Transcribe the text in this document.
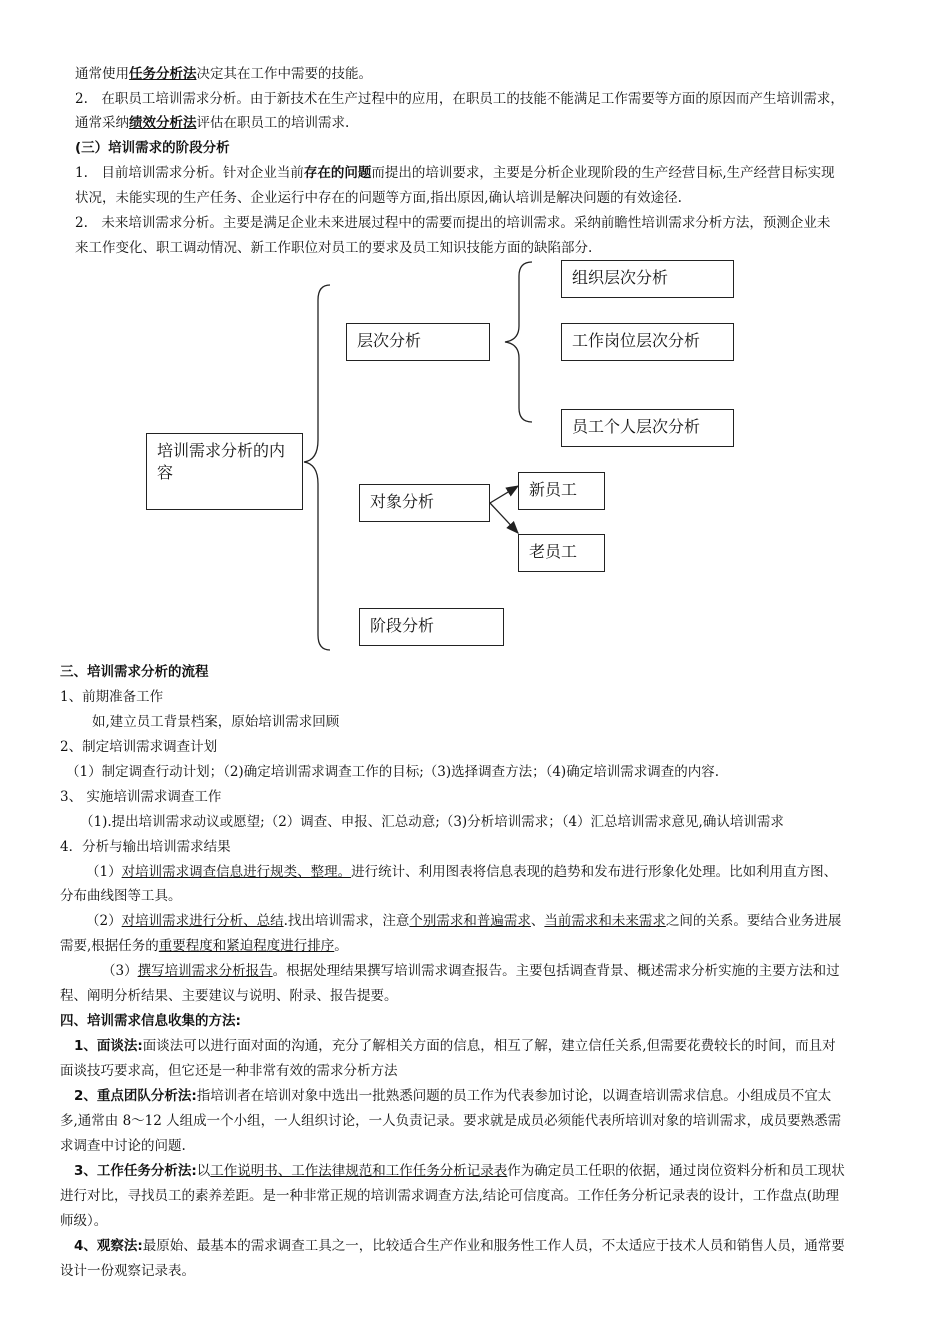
通常使用任务分析法决定其在工作中需要的技能。
2.　在职员工培训需求分析。由于新技术在生产过程中的应用，在职员工的技能不能满足工作需要等方面的原因而产生培训需求，
通常采纳绩效分析法评估在职员工的培训需求.
(三）培训需求的阶段分析
1.　目前培训需求分析。针对企业当前存在的问题而提出的培训要求，主要是分析企业现阶段的生产经营目标,生产经营目标实现
状况，未能实现的生产任务、企业运行中存在的问题等方面,指出原因,确认培训是解决问题的有效途径.
2.　未来培训需求分析。主要是满足企业未来进展过程中的需要而提出的培训需求。采纳前瞻性培训需求分析方法，预测企业未
来工作变化、职工调动情况、新工作职位对员工的要求及员工知识技能方面的缺陷部分.
培训需求分析的内容
层次分析
组织层次分析
工作岗位层次分析
员工个人层次分析
对象分析
新员工
老员工
阶段分析
三、培训需求分析的流程
1、前期准备工作
如,建立员工背景档案，原始培训需求回顾
2、制定培训需求调查计划
（1）制定调查行动计划；（2)确定培训需求调查工作的目标;（3)选择调查方法；（4)确定培训需求调查的内容.
3、 实施培训需求调查工作
（1).提出培训需求动议或愿望;（2）调查、申报、汇总动意;（3)分析培训需求；（4）汇总培训需求意见,确认培训需求
4．分析与输出培训需求结果
（1）对培训需求调查信息进行规类、整理。进行统计、利用图表将信息表现的趋势和发布进行形象化处理。比如利用直方图、
分布曲线图等工具。
（2）对培训需求进行分析、总结.找出培训需求，注意个别需求和普遍需求、当前需求和未来需求之间的关系。要结合业务进展
需要,根据任务的重要程度和紧迫程度进行排序。
（3）撰写培训需求分析报告。根据处理结果撰写培训需求调查报告。主要包括调查背景、概述需求分析实施的主要方法和过
程、阐明分析结果、主要建议与说明、附录、报告提要。
四、培训需求信息收集的方法:
1、面谈法:面谈法可以进行面对面的沟通，充分了解相关方面的信息，相互了解，建立信任关系,但需要花费较长的时间，而且对
面谈技巧要求高，但它还是一种非常有效的需求分析方法
2、重点团队分析法:指培训者在培训对象中选出一批熟悉问题的员工作为代表参加讨论，以调查培训需求信息。小组成员不宜太
多,通常由 8～12 人组成一个小组，一人组织讨论，一人负责记录。要求就是成员必须能代表所培训对象的培训需求，成员要熟悉需
求调查中讨论的问题.
3、工作任务分析法:以工作说明书、工作法律规范和工作任务分析记录表作为确定员工任职的依据，通过岗位资料分析和员工现状
进行对比，寻找员工的素养差距。是一种非常正规的培训需求调查方法,结论可信度高。工作任务分析记录表的设计，工作盘点(助理
师级）。
4、观察法:最原始、最基本的需求调查工具之一，比较适合生产作业和服务性工作人员，不太适应于技术人员和销售人员，通常要
设计一份观察记录表。
